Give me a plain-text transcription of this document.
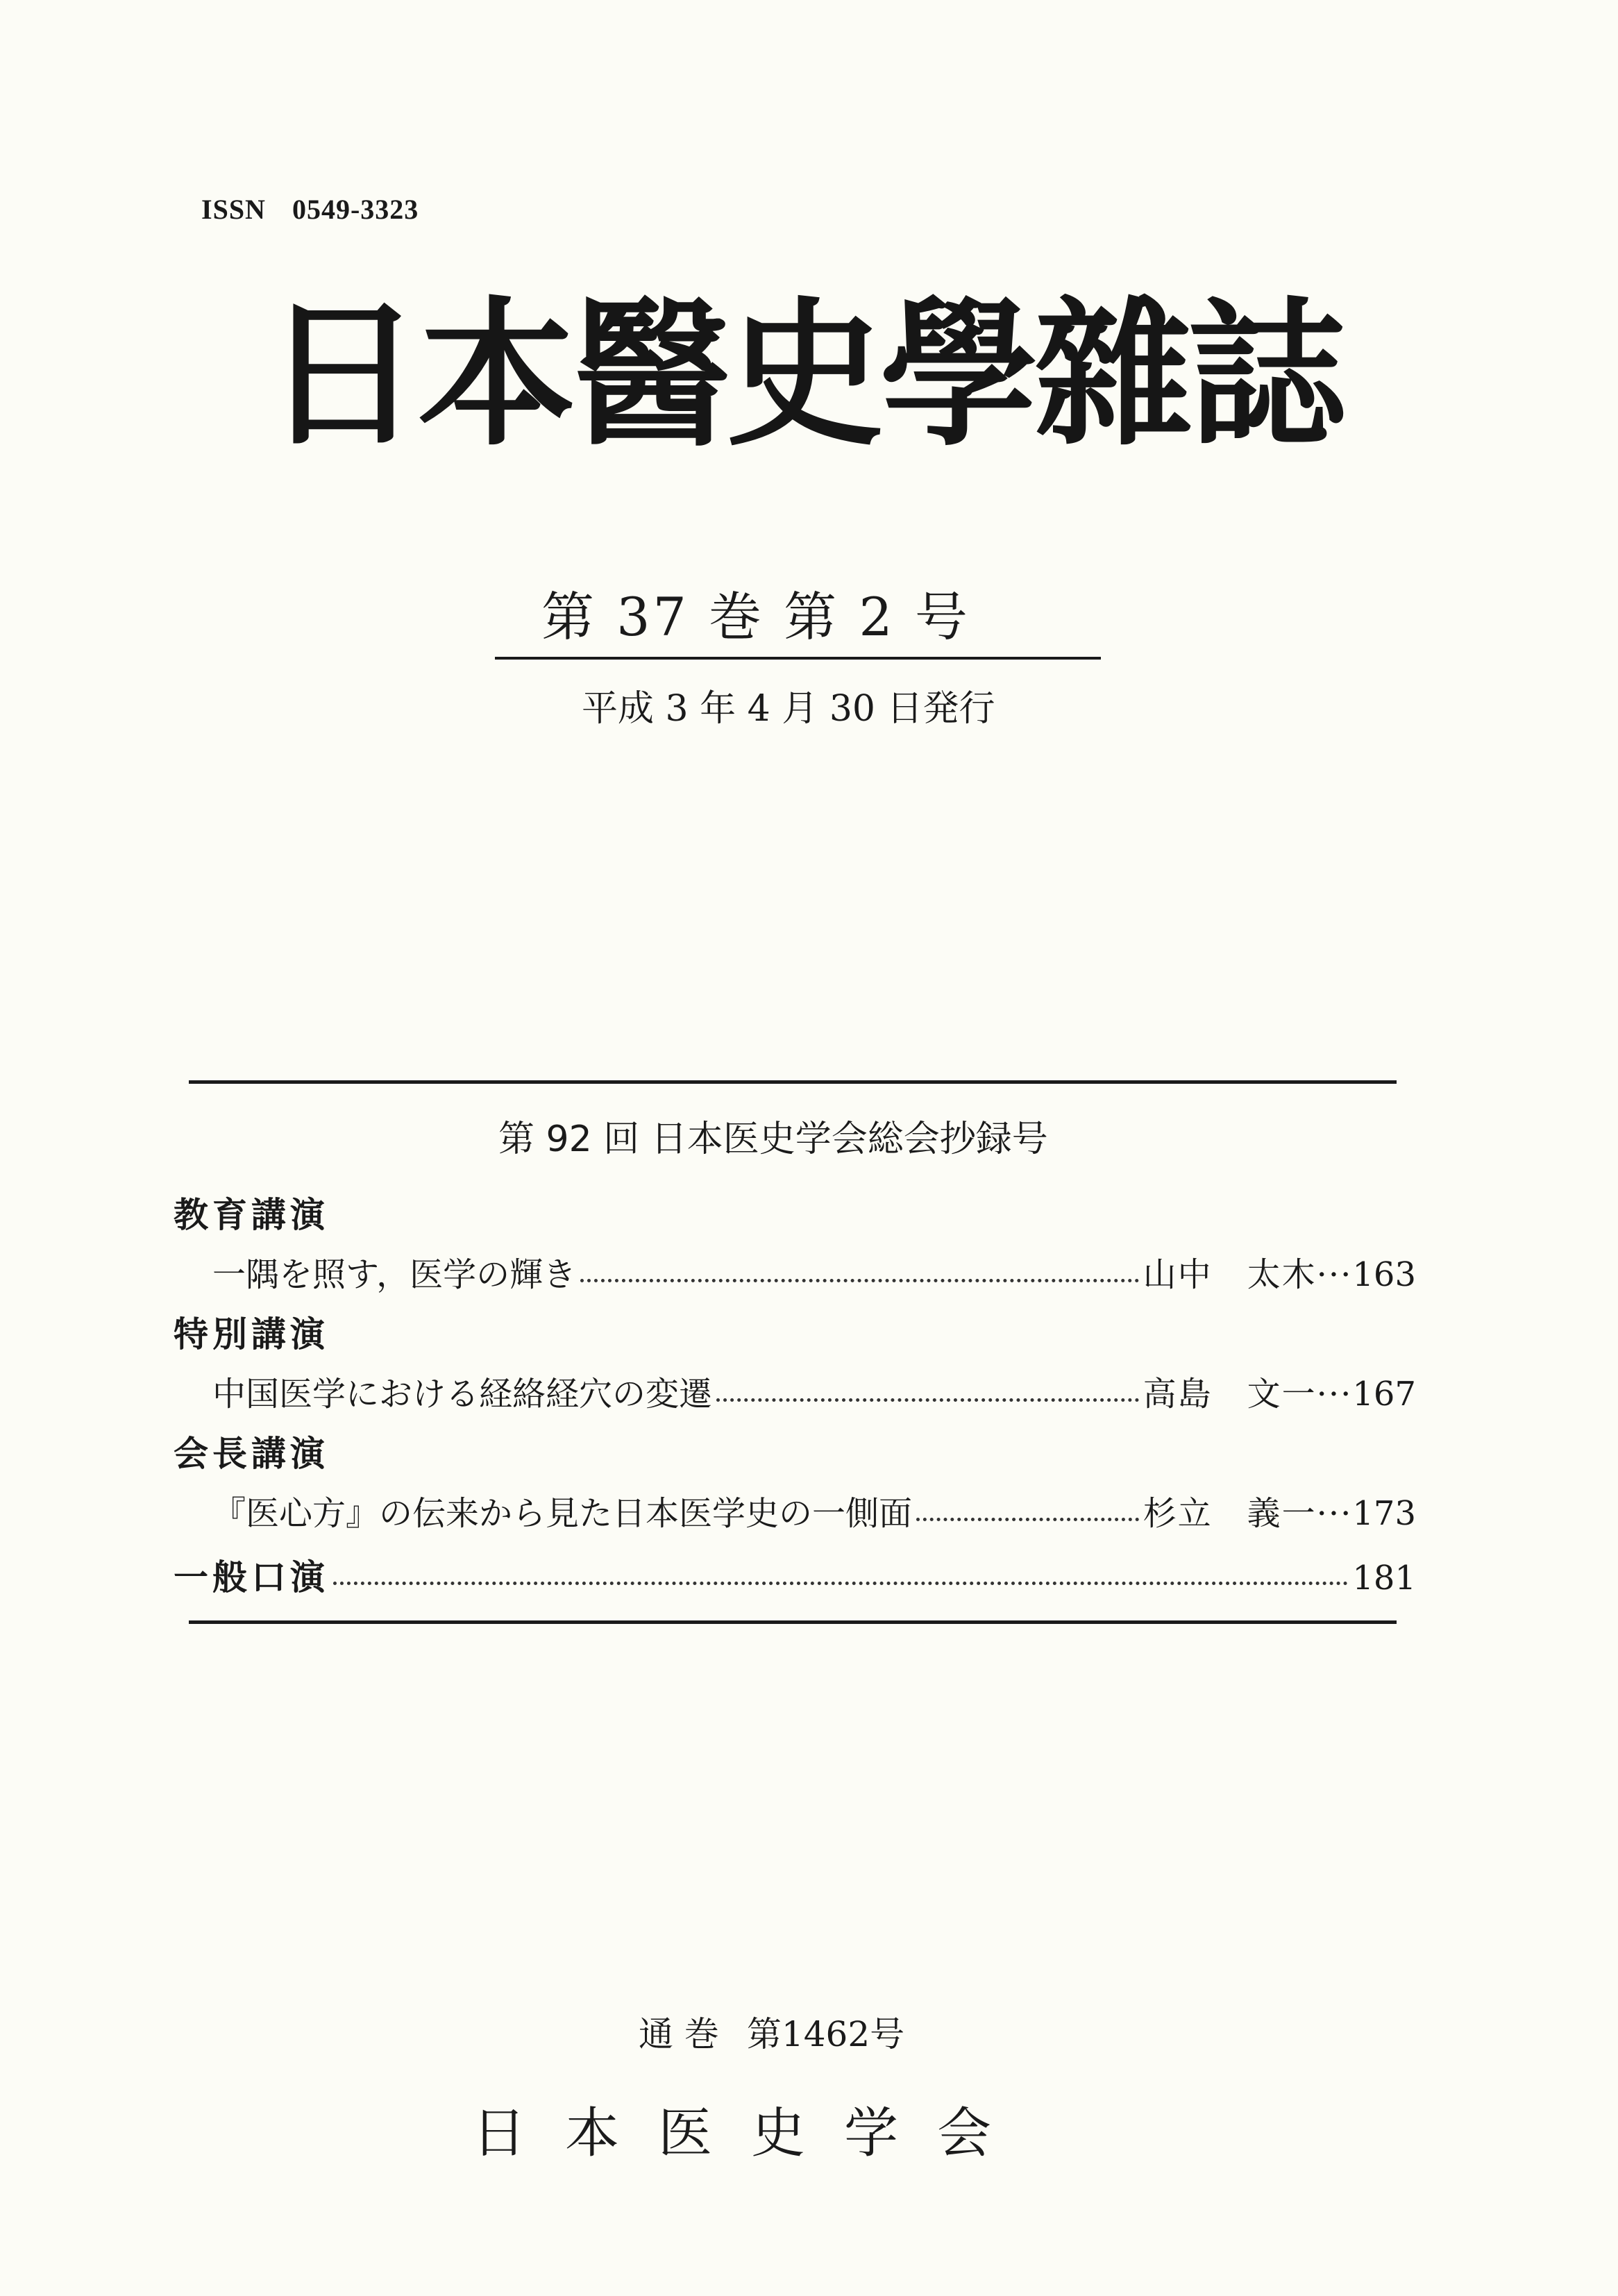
ISSN 0549-3323
日本醫史學雜誌
第 37 巻 第 2 号
平成 3 年 4 月 30 日発行
第 92 回 日本医史学会総会抄録号
教育講演
一隅を照す，医学の輝き	山中　太木 ··· 163
特別講演
中国医学における経絡経穴の変遷	高島　文一 ··· 167
会長講演
『医心方』の伝来から見た日本医学史の一側面	杉立　義一 ··· 173
一般口演	181
通 巻 第1462号
日本医史学会
